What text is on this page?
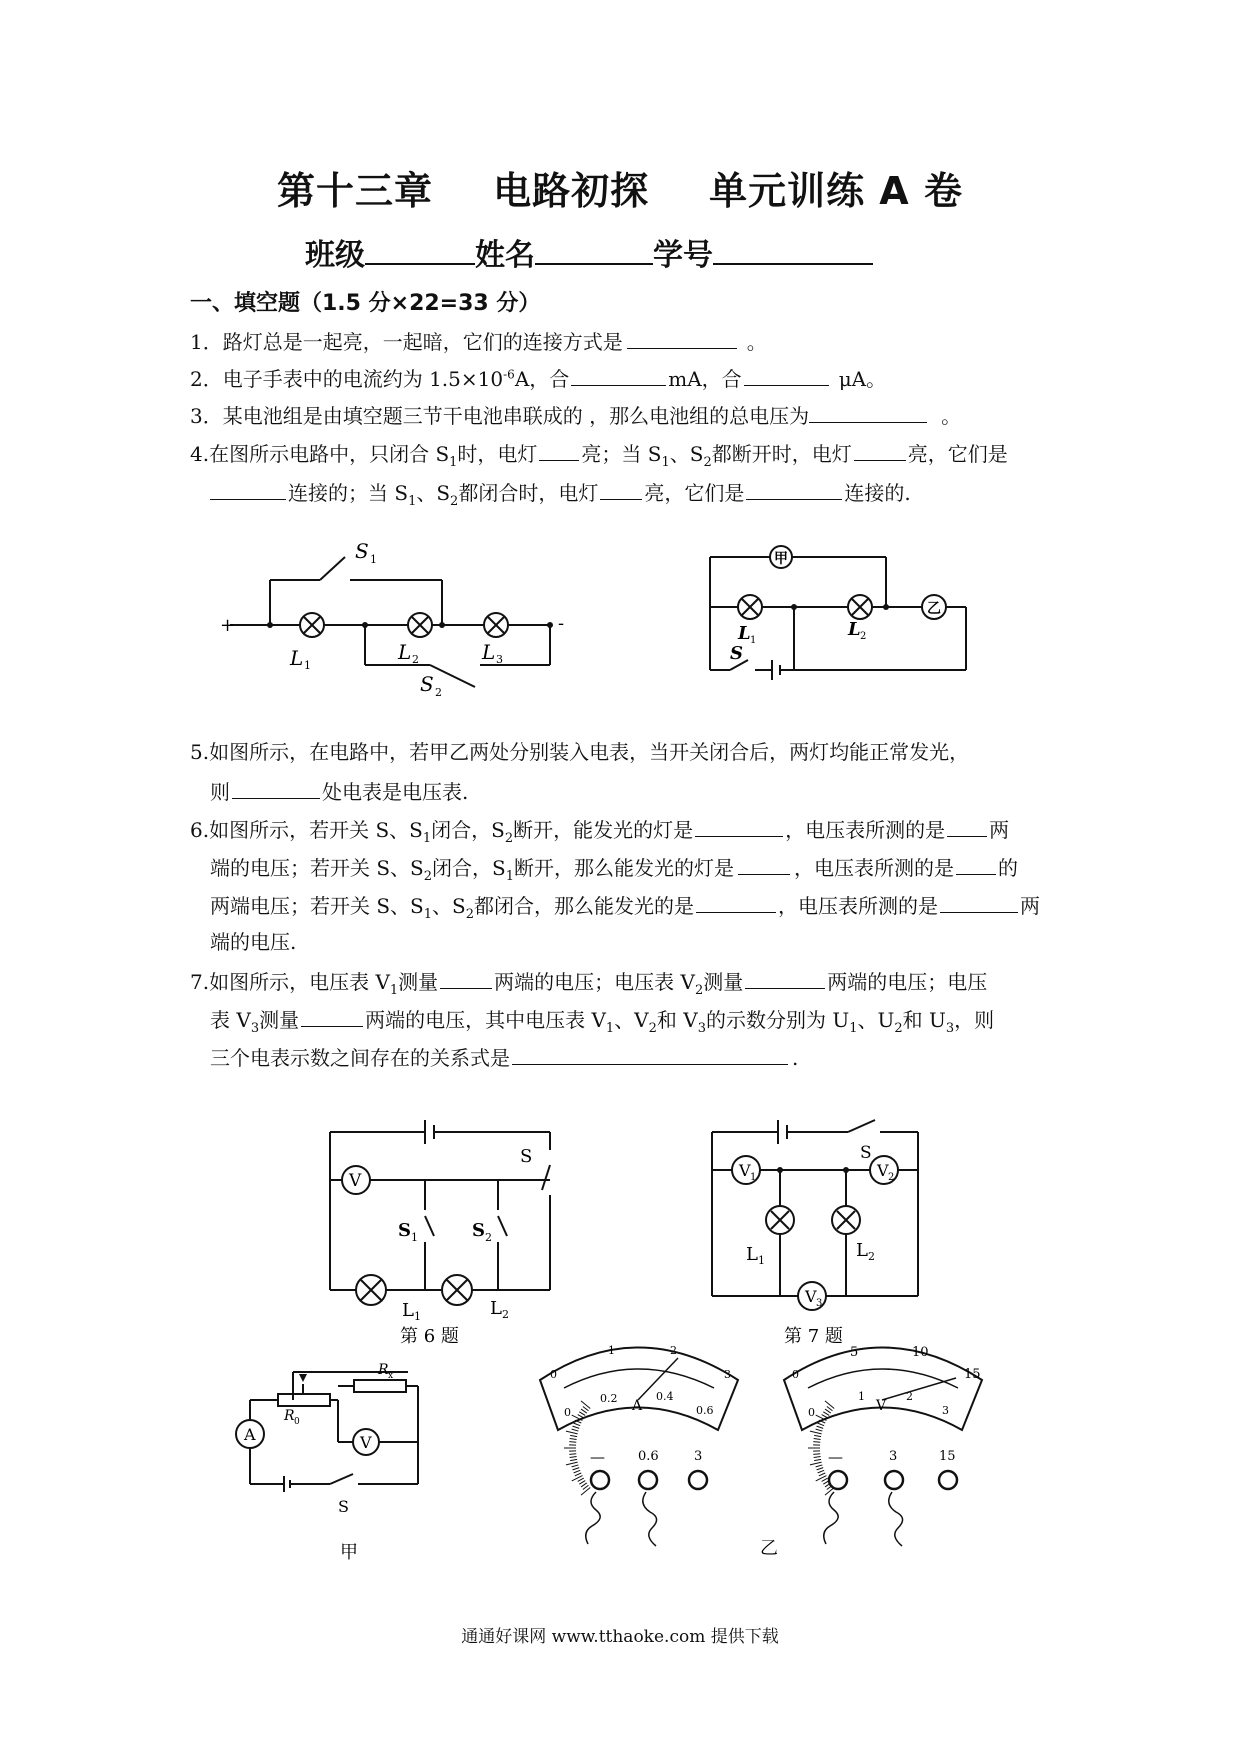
第十三章 电路初探 单元训练 A 卷
班级	姓名	学号
一、填空题（1.5 分×22=33 分）
1．路灯总是一起亮，一起暗，它们的连接方式是	。
2．电子手表中的电流约为 $1.5\times 10^{-6}A$，合	mA，合	μA。
3．某电池组是由填空题三节干电池串联成的 ，那么电池组的总电压为	。
4.在图所示电路中，只闭合 $S_1$时，电灯 亮；当 $S_1$、$S_2$都断开时，电灯	亮，它们是
连接的；当 $S_1$、$S_2$都闭合时，电灯 亮，它们是	连接的.
+	-
S 1
L 1
L 2	L 3
S 2
甲
乙
L 1
L 2
S
5.如图所示，在电路中，若甲乙两处分别装入电表，当开关闭合后，两灯均能正常发光，
则	处电表是电压表.
6.如图所示，若开关 S、$S_1$闭合，$S_2$断开，能发光的灯是	，电压表所测的是 两
端的电压；若开关 S、$S_2$闭合，$S_1$断开，那么能发光的灯是	，电压表所测的是 的
两端电压；若开关 S、$S_1$、$S_2$都闭合，那么能发光的是	，电压表所测的是	两
端的电压.
7.如图所示，电压表 $V_1$测量	两端的电压；电压表 $V_2$测量	两端的电压；电压
表 $V_3$测量	两端的电压，其中电压表 $V_1$、$V_2$和 $V_3$的示数分别为 $U_1$、$U_2$和 $U_3$，则
三个电表示数之间存在的关系式是	.
V
S
S 1	S 2
L 1	L 2
第 6 题
S
V 1	V 2
V 3
L 1	L 2
第 7 题
A	V
R 0
R x
S
甲
A	V
0
0.2	0.4
0.6
0
1	2
3
0
1	2
3
0
5	10
15
—	0.6	3	—	3	15
乙
通通好课网 www.tthaoke.com 提供下载
